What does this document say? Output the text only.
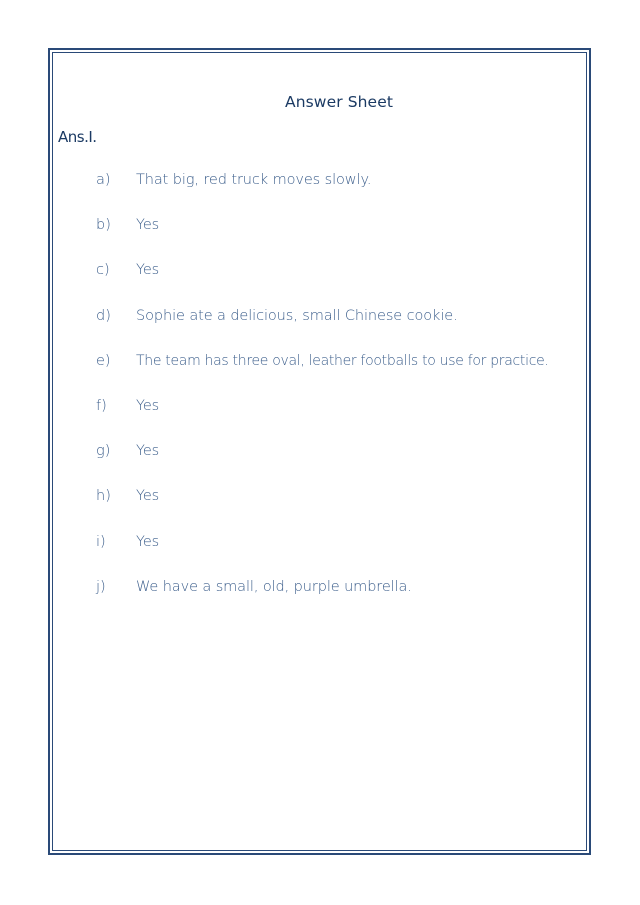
Answer Sheet
Ans.I.
a) That big, red truck moves slowly.
b) Yes
c) Yes
d) Sophie ate a delicious, small Chinese cookie.
e) The team has three oval, leather footballs to use for practice.
f) Yes
g) Yes
h) Yes
i) Yes
j) We have a small, old, purple umbrella.
